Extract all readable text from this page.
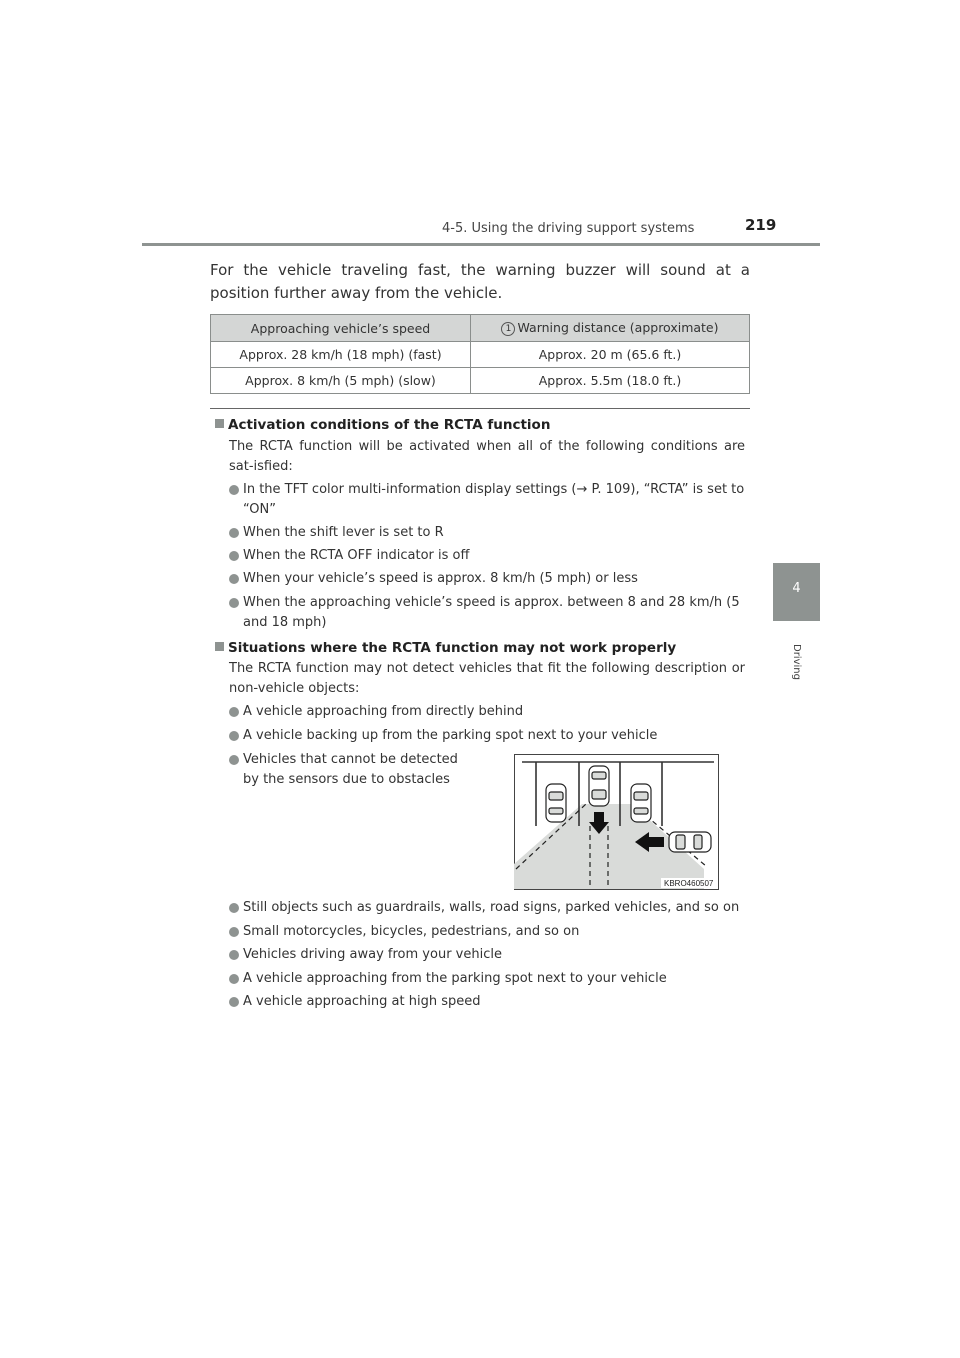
4-5. Using the driving support systems	219
4
Driving
For the vehicle traveling fast, the warning buzzer will sound at a position further away from the vehicle.
Approaching vehicle’s speed	1 Warning distance (approximate)
Approx. 28 km/h (18 mph) (fast)	Approx. 20 m (65.6 ft.)
Approx. 8 km/h (5 mph) (slow)	Approx. 5.5m (18.0 ft.)
Activation conditions of the RCTA function
The RCTA function will be activated when all of the following conditions are sat-isfied:
In the TFT color multi-information display settings (→ P. 109), “RCTA” is set to “ON”
When the shift lever is set to R
When the RCTA OFF indicator is off
When your vehicle’s speed is approx. 8 km/h (5 mph) or less
When the approaching vehicle’s speed is approx. between 8 and 28 km/h (5 and 18 mph)
Situations where the RCTA function may not work properly
The RCTA function may not detect vehicles that fit the following description or non-vehicle objects:
A vehicle approaching from directly behind
A vehicle backing up from the parking spot next to your vehicle
Vehicles that cannot be detected by the sensors due to obstacles
KBRO460507
Still objects such as guardrails, walls, road signs, parked vehicles, and so on
Small motorcycles, bicycles, pedestrians, and so on
Vehicles driving away from your vehicle
A vehicle approaching from the parking spot next to your vehicle
A vehicle approaching at high speed
